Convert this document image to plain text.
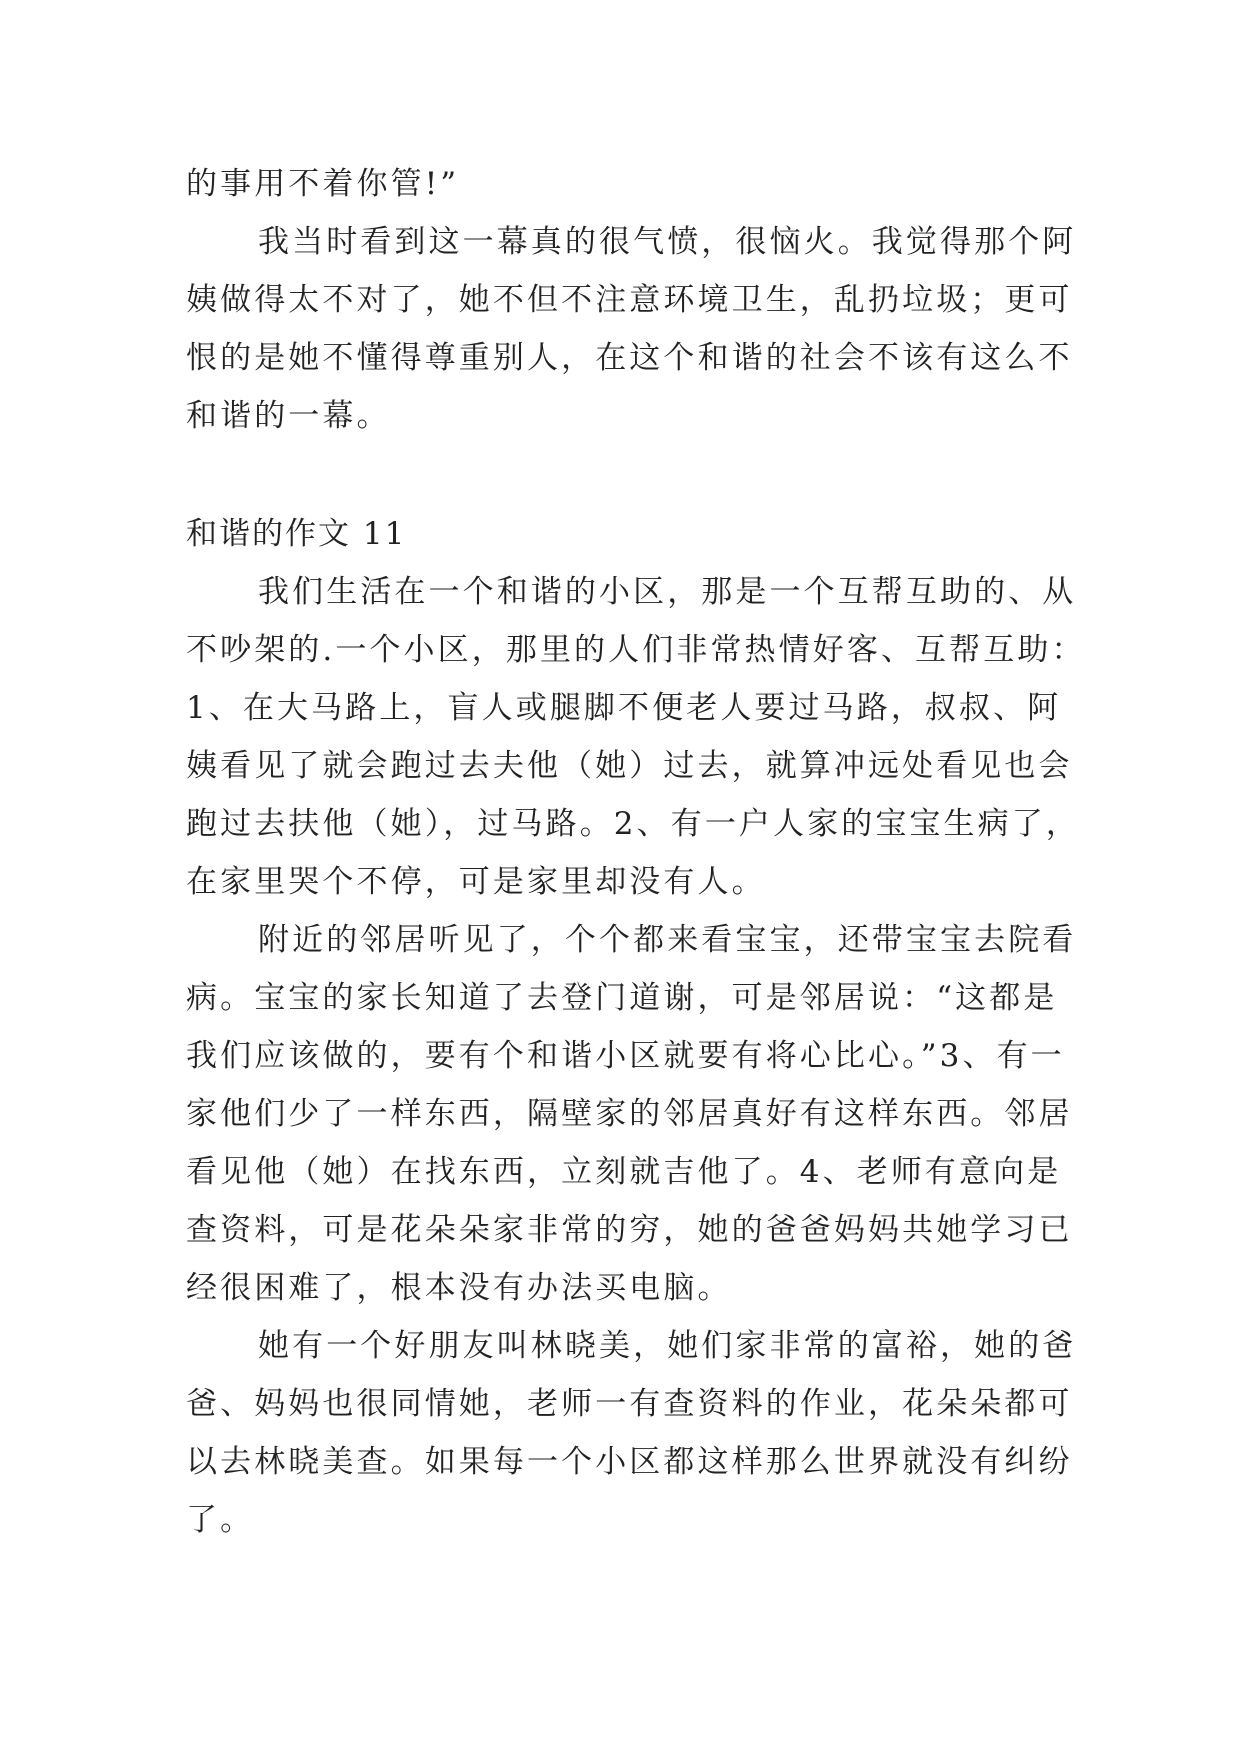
的事用不着你管!”
我当时看到这一幕真的很气愤，很恼火。我觉得那个阿
姨做得太不对了，她不但不注意环境卫生，乱扔垃圾；更可
恨的是她不懂得尊重别人，在这个和谐的社会不该有这么不
和谐的一幕。
和谐的作文 11
我们生活在一个和谐的小区，那是一个互帮互助的、从
不吵架的.一个小区，那里的人们非常热情好客、互帮互助：
1、在大马路上，盲人或腿脚不便老人要过马路，叔叔、阿
姨看见了就会跑过去夫他（她）过去，就算冲远处看见也会
跑过去扶他（她），过马路。2、有一户人家的宝宝生病了，
在家里哭个不停，可是家里却没有人。
附近的邻居听见了，个个都来看宝宝，还带宝宝去院看
病。宝宝的家长知道了去登门道谢，可是邻居说：“这都是
我们应该做的，要有个和谐小区就要有将心比心。”3、有一
家他们少了一样东西，隔壁家的邻居真好有这样东西。邻居
看见他（她）在找东西，立刻就吉他了。4、老师有意向是
查资料，可是花朵朵家非常的穷，她的爸爸妈妈共她学习已
经很困难了，根本没有办法买电脑。
她有一个好朋友叫林晓美，她们家非常的富裕，她的爸
爸、妈妈也很同情她，老师一有查资料的作业，花朵朵都可
以去林晓美查。如果每一个小区都这样那么世界就没有纠纷
了。
